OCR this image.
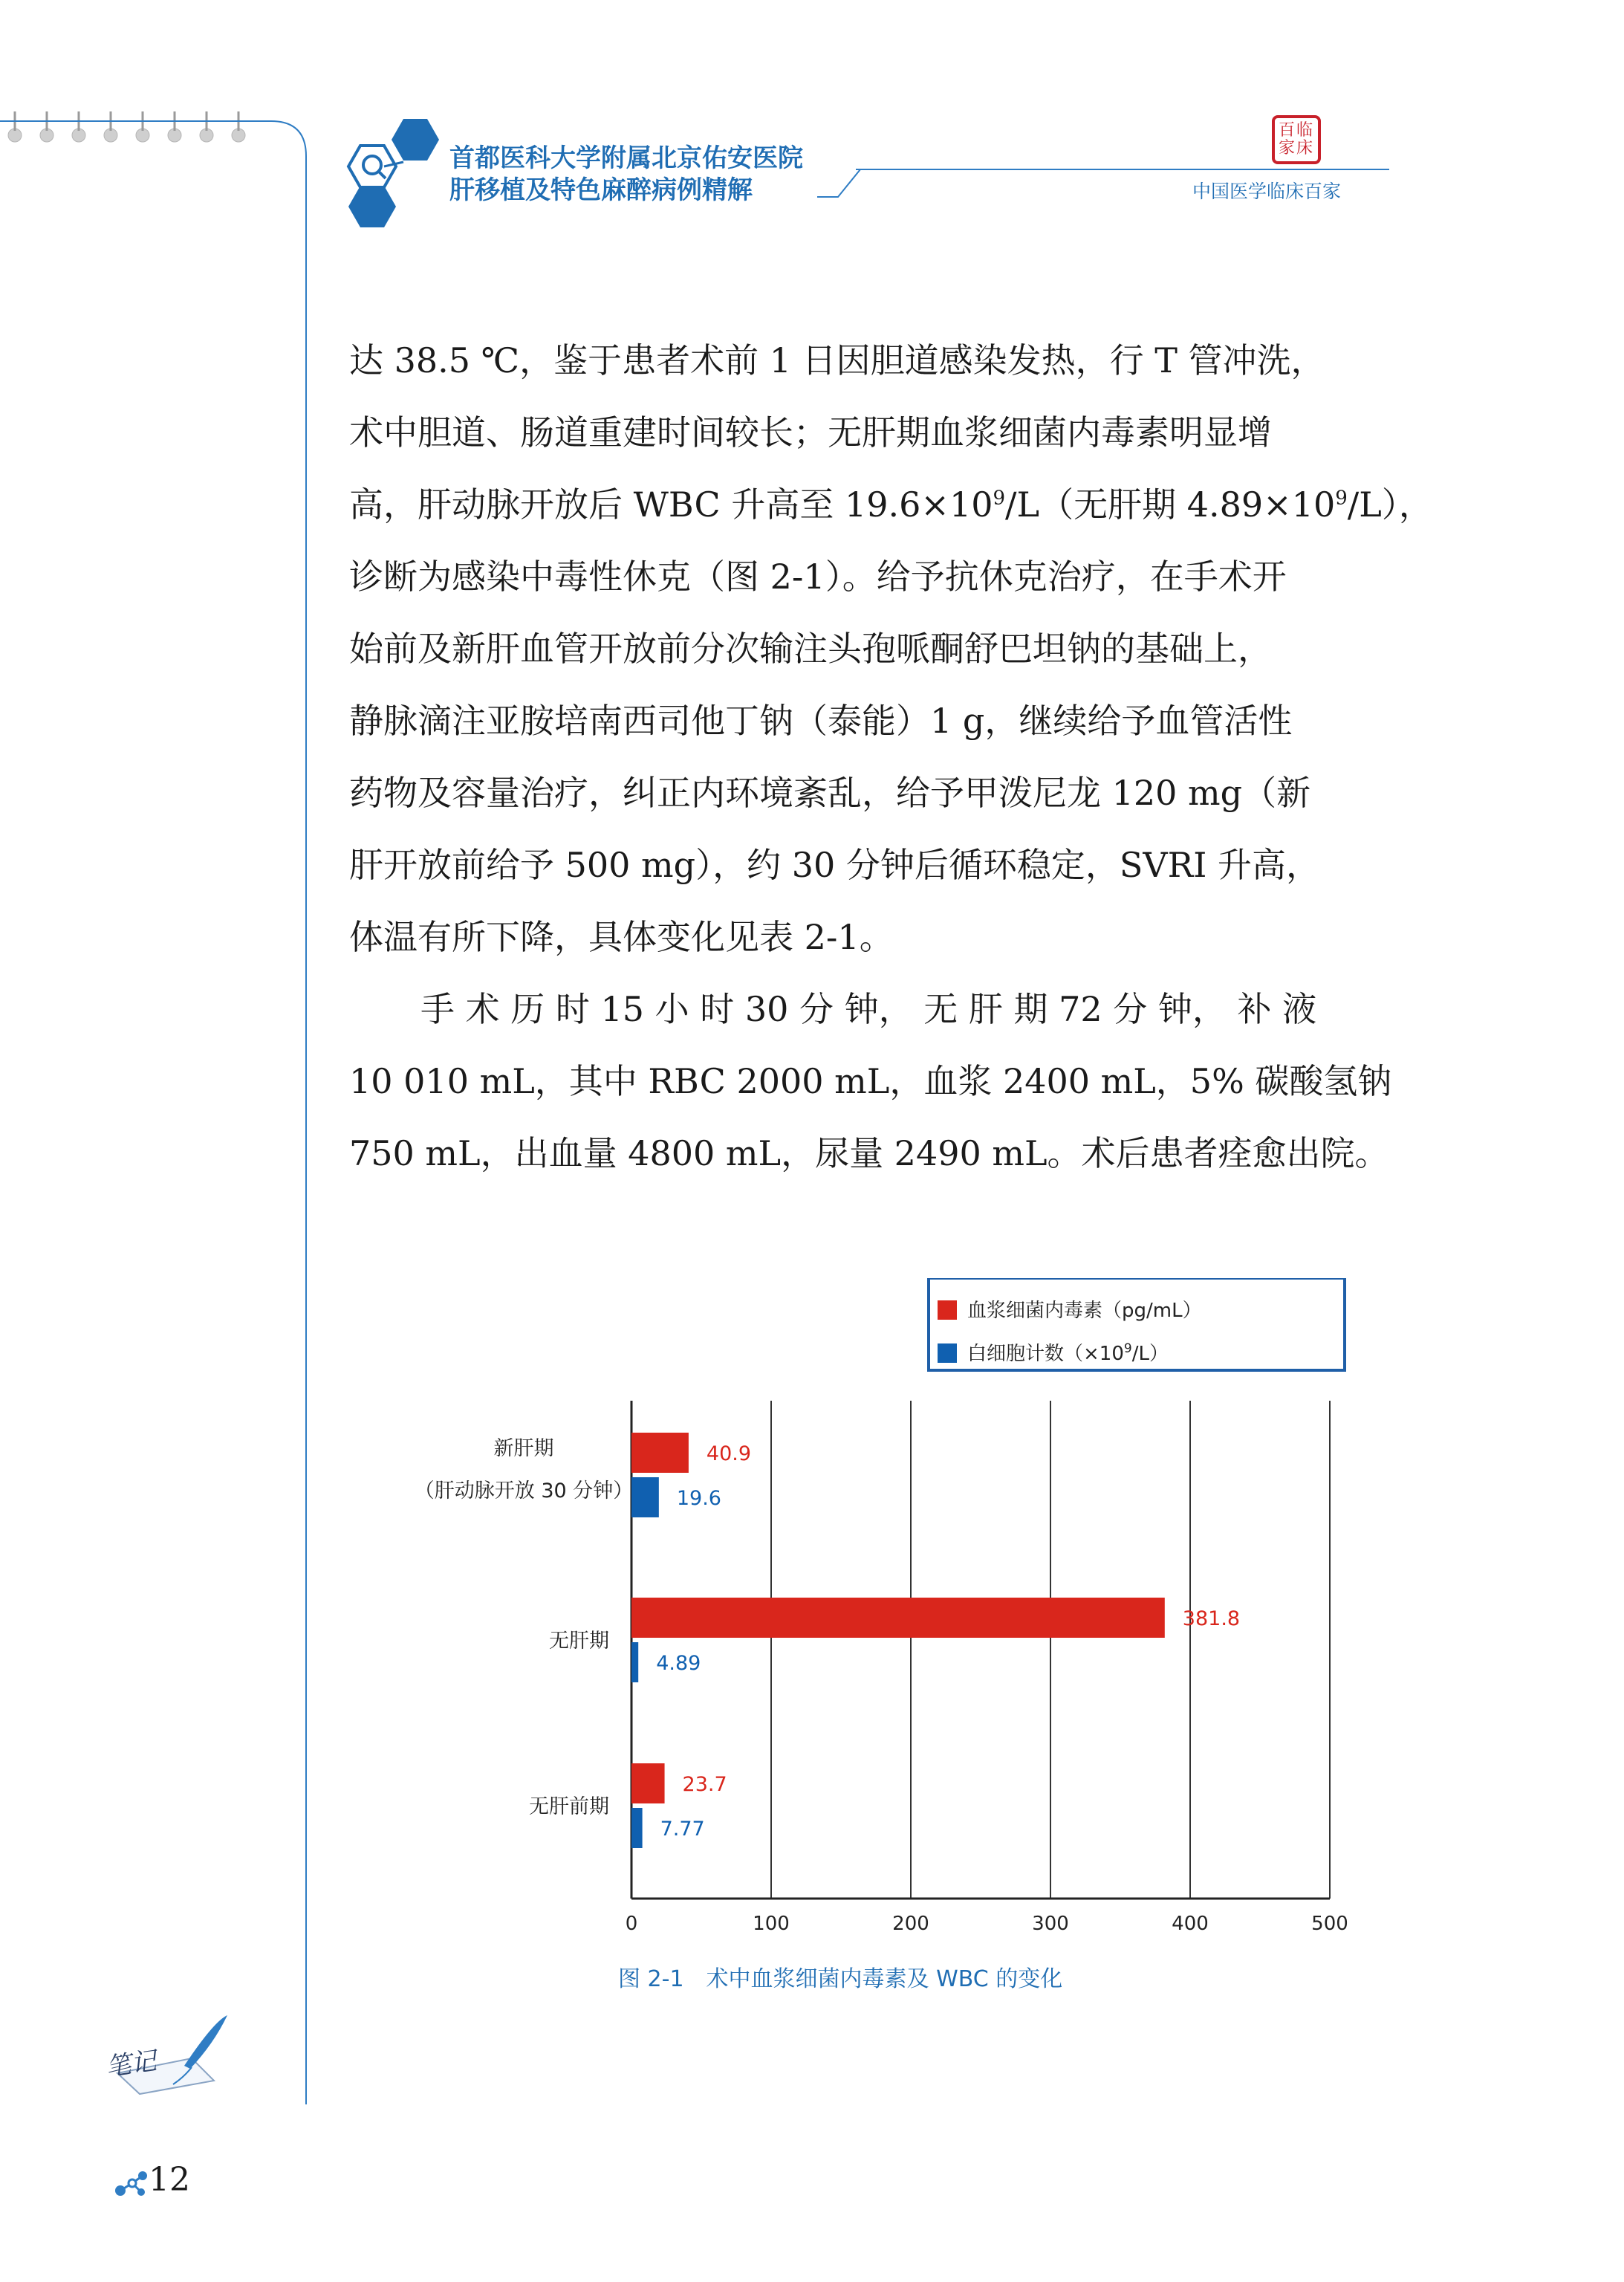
首都医科大学附属北京佑安医院
肝移植及特色麻醉病例精解
百临家床
中国医学临床百家
达 38.5 ℃，鉴于患者术前 1 日因胆道感染发热，行 T 管冲洗，
术中胆道、肠道重建时间较长；无肝期血浆细菌内毒素明显增
高，肝动脉开放后 WBC 升高至 $19.6\times 10^9/L$（无肝期 $4.89\times 10^9/L$），
诊断为感染中毒性休克（图 2-1）。给予抗休克治疗，在手术开
始前及新肝血管开放前分次输注头孢哌酮舒巴坦钠的基础上，
静脉滴注亚胺培南西司他丁钠（泰能）1 g，继续给予血管活性
药物及容量治疗，纠正内环境紊乱，给予甲泼尼龙 120 mg（新
肝开放前给予 500 mg），约 30 分钟后循环稳定，SVRI 升高，
体温有所下降，具体变化见表 2-1。
手 术 历 时 15 小 时 30 分 钟， 无 肝 期 72 分 钟， 补 液
10 010 mL，其中 RBC 2000 mL，血浆 2400 mL，5% 碳酸氢钠
750 mL，出血量 4800 mL，尿量 2490 mL。术后患者痊愈出院。
0	100	200	300	400	500
40.9
19.6
新肝期
（肝动脉开放 30 分钟）
381.8
4.89
无肝期
23.7
7.77
无肝前期
血浆细菌内毒素（pg/mL）
白细胞计数$(\times 10^9/L)$
图 2-1　术中血浆细菌内毒素及 WBC 的变化
笔记
12
